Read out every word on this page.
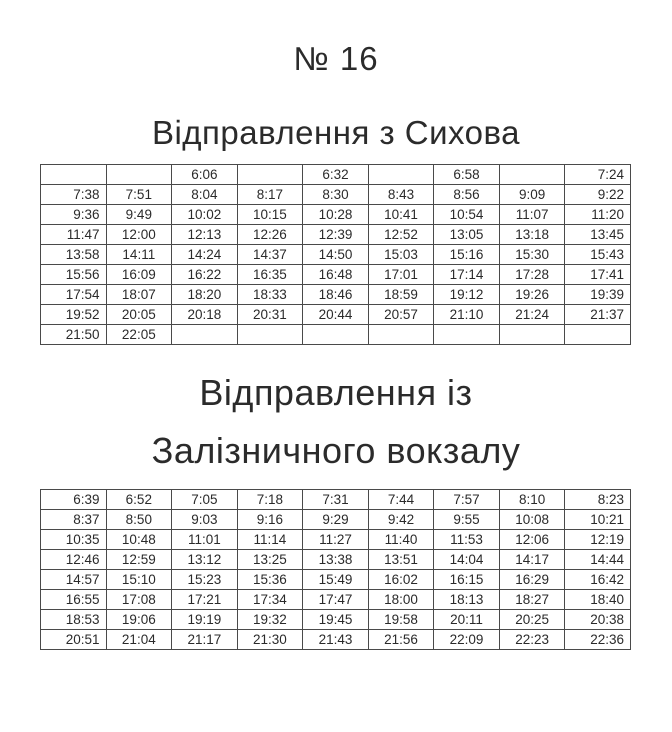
№ 16
Відправлення з Сихова
		6:06		6:32		6:58		7:24
7:38	7:51	8:04	8:17	8:30	8:43	8:56	9:09	9:22
9:36	9:49	10:02	10:15	10:28	10:41	10:54	11:07	11:20
11:47	12:00	12:13	12:26	12:39	12:52	13:05	13:18	13:45
13:58	14:11	14:24	14:37	14:50	15:03	15:16	15:30	15:43
15:56	16:09	16:22	16:35	16:48	17:01	17:14	17:28	17:41
17:54	18:07	18:20	18:33	18:46	18:59	19:12	19:26	19:39
19:52	20:05	20:18	20:31	20:44	20:57	21:10	21:24	21:37
21:50	22:05							
Відправлення із
Залізничного вокзалу
6:39	6:52	7:05	7:18	7:31	7:44	7:57	8:10	8:23
8:37	8:50	9:03	9:16	9:29	9:42	9:55	10:08	10:21
10:35	10:48	11:01	11:14	11:27	11:40	11:53	12:06	12:19
12:46	12:59	13:12	13:25	13:38	13:51	14:04	14:17	14:44
14:57	15:10	15:23	15:36	15:49	16:02	16:15	16:29	16:42
16:55	17:08	17:21	17:34	17:47	18:00	18:13	18:27	18:40
18:53	19:06	19:19	19:32	19:45	19:58	20:11	20:25	20:38
20:51	21:04	21:17	21:30	21:43	21:56	22:09	22:23	22:36
